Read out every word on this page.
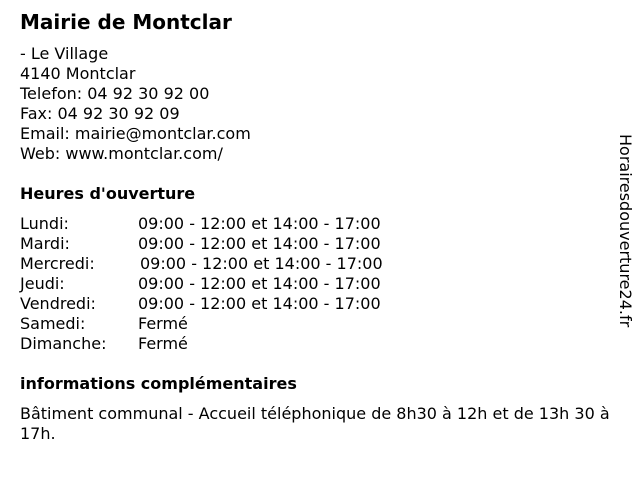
Mairie de Montclar
- Le Village
4140 Montclar
Telefon: 04 92 30 92 00
Fax: 04 92 30 92 09
Email: mairie@montclar.com
Web: www.montclar.com/
Heures d'ouverture
Lundi:	09:00 - 12:00 et 14:00 - 17:00
Mardi:	09:00 - 12:00 et 14:00 - 17:00
Mercredi:	09:00 - 12:00 et 14:00 - 17:00
Jeudi:	09:00 - 12:00 et 14:00 - 17:00
Vendredi:	09:00 - 12:00 et 14:00 - 17:00
Samedi:	Fermé
Dimanche: Fermé
informations complémentaires
Bâtiment communal - Accueil téléphonique de 8h30 à 12h et de 13h 30 à 17h.
Horairesdouverture24.fr
